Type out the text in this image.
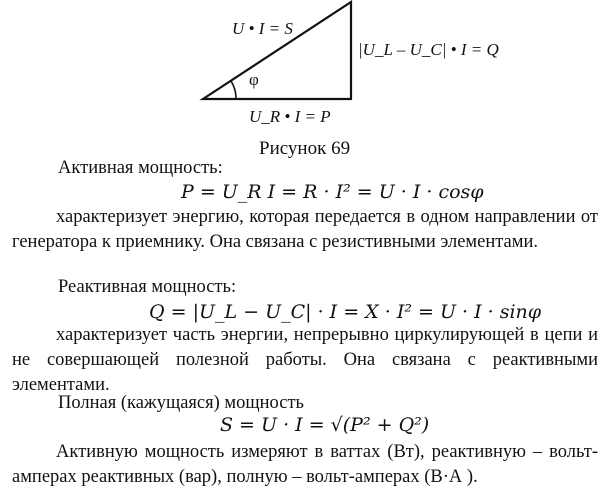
U • I = S
|U_L – U_C| • I = Q
φ
U_R • I = P
Рисунок 69
Активная мощность:
P = U_R I = R · I² = U · I · cosφ
характеризует энергию, которая передается в одном направлении от генератора к приемнику. Она связана с резистивными элементами.
Реактивная мощность:
Q = |U_L − U_C| · I = X · I² = U · I · sinφ
характеризует часть энергии, непрерывно циркулирующей в цепи и не совершающей полезной работы. Она связана с реактивными элементами.
Полная (кажущаяся) мощность
S = U · I = √(P² + Q²)
Активную мощность измеряют в ваттах (Вт), реактивную – вольт-амперах реактивных (вар), полную – вольт-амперах (В·А ).
